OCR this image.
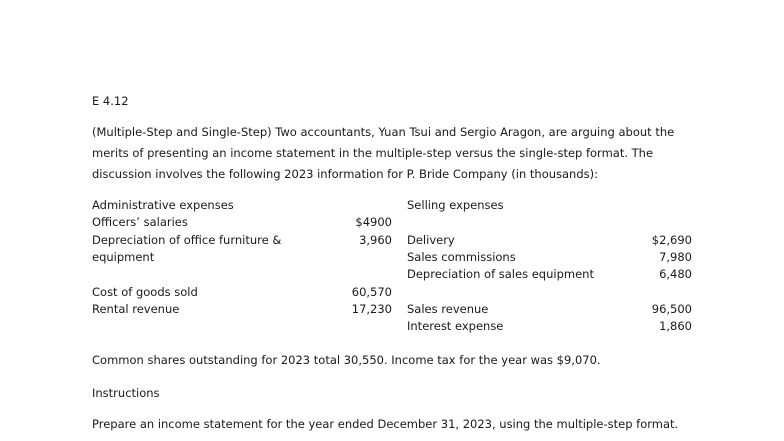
E 4.12
(Multiple-Step and Single-Step) Two accountants, Yuan Tsui and Sergio Aragon, are arguing about the
merits of presenting an income statement in the multiple-step versus the single-step format. The
discussion involves the following 2023 information for P. Bride Company (in thousands):
Administrative expenses
Officers’ salaries	$4900
Depreciation of office furniture &	3,960
equipment
Cost of goods sold	60,570
Rental revenue	17,230
Selling expenses
Delivery	$2,690
Sales commissions	7,980
Depreciation of sales equipment	6,480
Sales revenue	96,500
Interest expense	1,860
Common shares outstanding for 2023 total 30,550. Income tax for the year was $9,070.
Instructions
Prepare an income statement for the year ended December 31, 2023, using the multiple-step format.
